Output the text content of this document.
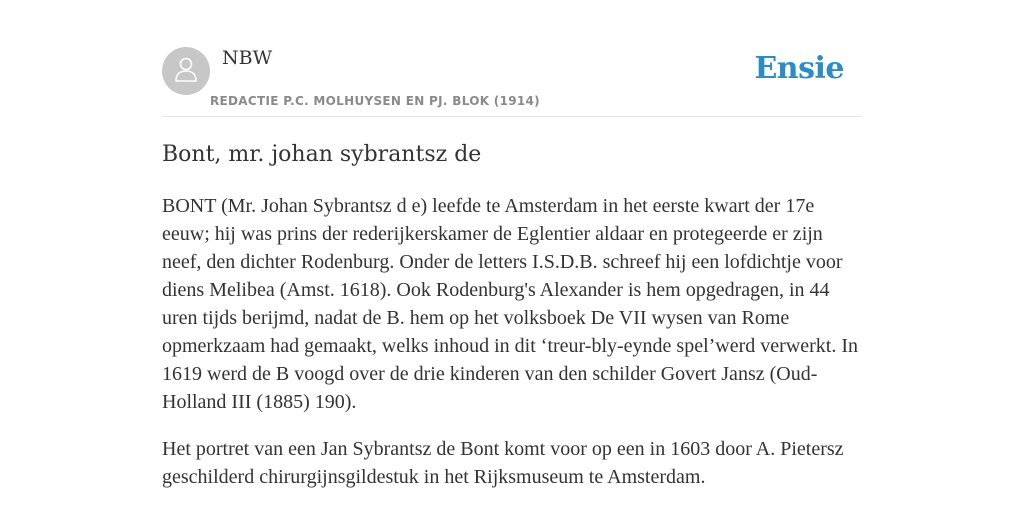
NBW
REDACTIE P.C. MOLHUYSEN EN PJ. BLOK (1914)
Ensie
Bont, mr. johan sybrantsz de

BONT (Mr. Johan Sybrantsz d e) leefde te Amsterdam in het eerste kwart der 17e eeuw; hij was prins der rederijkerskamer de Eglentier aldaar en protegeerde er zijn neef, den dichter Rodenburg. Onder de letters I.S.D.B. schreef hij een lofdichtje voor diens Melibea (Amst. 1618). Ook Rodenburg's Alexander is hem opgedragen, in 44 uren tijds berijmd, nadat de B. hem op het volksboek De VII wysen van Rome opmerkzaam had gemaakt, welks inhoud in dit ‘treur-bly-eynde spel’werd verwerkt. In 1619 werd de B voogd over de drie kinderen van den schilder Govert Jansz (Oud-Holland III (1885) 190).

Het portret van een Jan Sybrantsz de Bont komt voor op een in 1603 door A. Pietersz geschilderd chirurgijnsgildestuk in het Rijksmuseum te Amsterdam.
